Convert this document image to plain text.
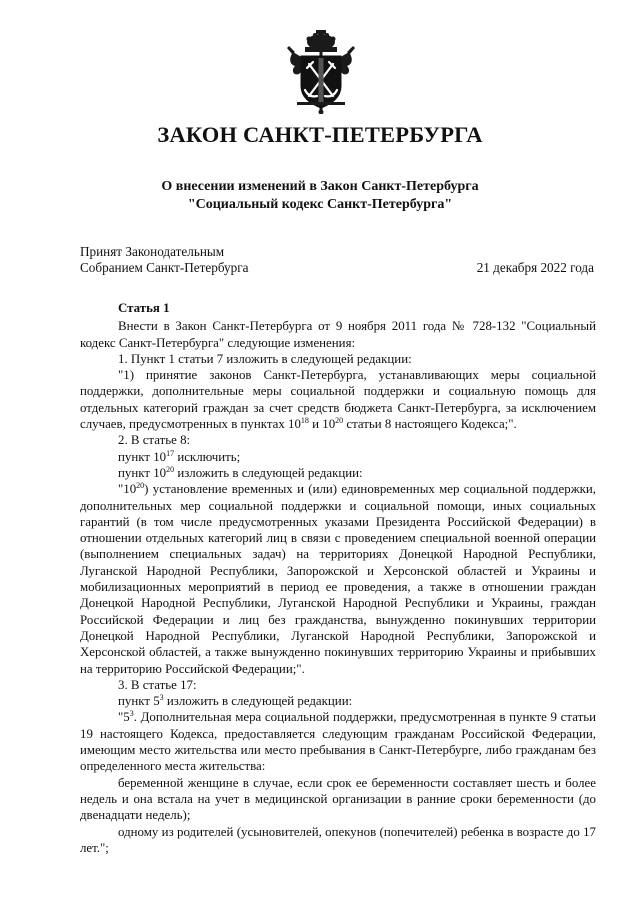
ЗАКОН САНКТ-ПЕТЕРБУРГА
О внесении изменений в Закон Санкт-Петербурга
"Социальный кодекс Санкт-Петербурга"
Принят Законодательным
Собранием Санкт-Петербурга	21 декабря 2022 года

Статья 1

Внести в Закон Санкт-Петербурга от 9 ноября 2011 года № 728-132 "Социальный кодекс Санкт-Петербурга" следующие изменения:

1. Пункт 1 статьи 7 изложить в следующей редакции:

"1) принятие законов Санкт-Петербурга, устанавливающих меры социальной поддержки, дополнительные меры социальной поддержки и социальную помощь для отдельных категорий граждан за счет средств бюджета Санкт-Петербурга, за исключением случаев, предусмотренных в пунктах $10^{18}$ и $10^{20}$ статьи 8 настоящего Кодекса;".

2. В статье 8:

пункт $10^{17}$ исключить;

пункт $10^{20}$ изложить в следующей редакции:

"$10^{20}$) установление временных и (или) единовременных мер социальной поддержки, дополнительных мер социальной поддержки и социальной помощи, иных социальных гарантий (в том числе предусмотренных указами Президента Российской Федерации) в отношении отдельных категорий лиц в связи с проведением специальной военной операции (выполнением специальных задач) на территориях Донецкой Народной Республики, Луганской Народной Республики, Запорожской и Херсонской областей и Украины и мобилизационных мероприятий в период ее проведения, а также в отношении граждан Донецкой Народной Республики, Луганской Народной Республики и Украины, граждан Российской Федерации и лиц без гражданства, вынужденно покинувших территории Донецкой Народной Республики, Луганской Народной Республики, Запорожской и Херсонской областей, а также вынужденно покинувших территорию Украины и прибывших на территорию Российской Федерации;".

3. В статье 17:

пункт $5^3$ изложить в следующей редакции:

"$5^3$. Дополнительная мера социальной поддержки, предусмотренная в пункте 9 статьи 19 настоящего Кодекса, предоставляется следующим гражданам Российской Федерации, имеющим место жительства или место пребывания в Санкт-Петербурге, либо гражданам без определенного места жительства:

беременной женщине в случае, если срок ее беременности составляет шесть и более недель и она встала на учет в медицинской организации в ранние сроки беременности (до двенадцати недель);

одному из родителей (усыновителей, опекунов (попечителей) ребенка в возрасте до 17 лет.";
